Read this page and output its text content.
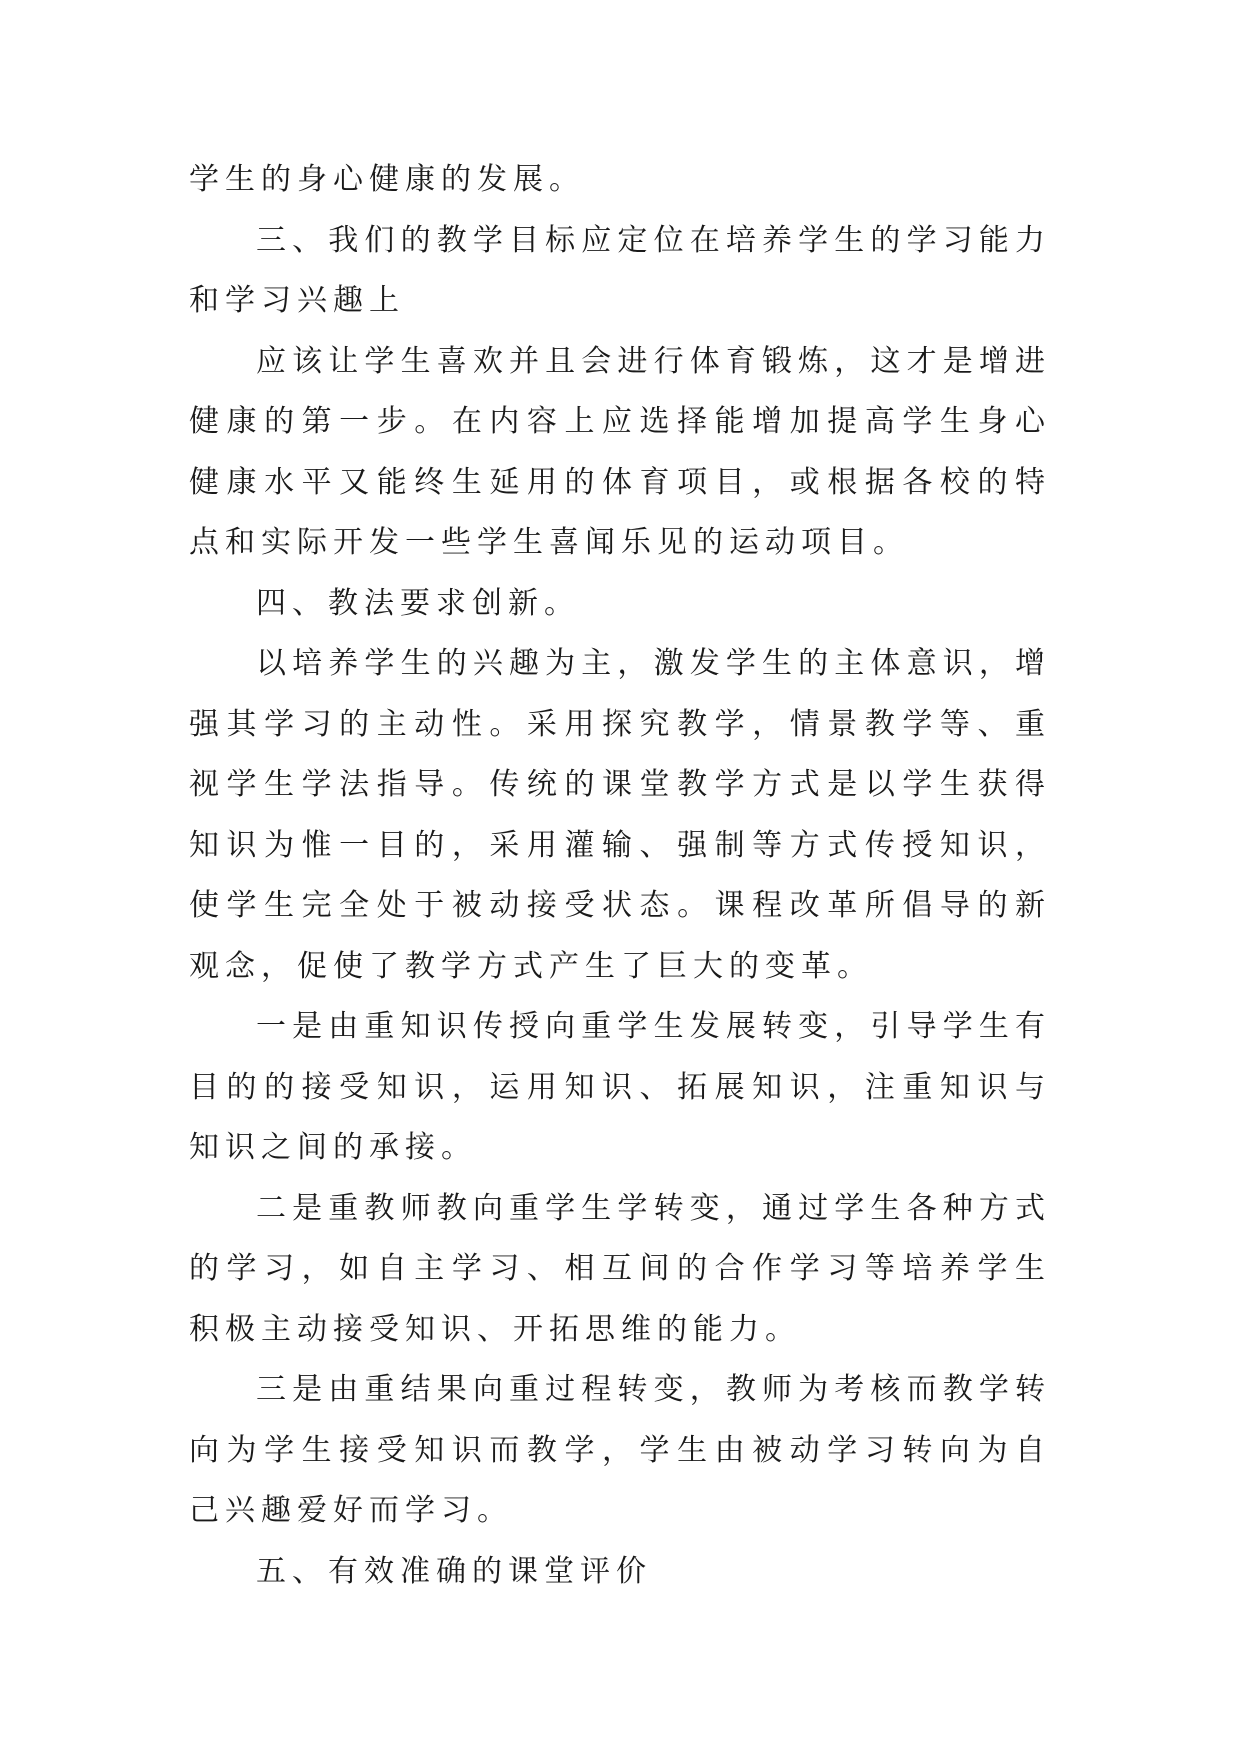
学生的身心健康的发展。

三、我们的教学目标应定位在培养学生的学习能力和学习兴趣上

应该让学生喜欢并且会进行体育锻炼，这才是增进健康的第一步。在内容上应选择能增加提高学生身心健康水平又能终生延用的体育项目，或根据各校的特点和实际开发一些学生喜闻乐见的运动项目。

四、教法要求创新。

以培养学生的兴趣为主，激发学生的主体意识，增强其学习的主动性。采用探究教学，情景教学等、重视学生学法指导。传统的课堂教学方式是以学生获得知识为惟一目的，采用灌输、强制等方式传授知识，使学生完全处于被动接受状态。课程改革所倡导的新观念，促使了教学方式产生了巨大的变革。

一是由重知识传授向重学生发展转变，引导学生有目的的接受知识，运用知识、拓展知识，注重知识与知识之间的承接。

二是重教师教向重学生学转变，通过学生各种方式的学习，如自主学习、相互间的合作学习等培养学生积极主动接受知识、开拓思维的能力。

三是由重结果向重过程转变，教师为考核而教学转向为学生接受知识而教学，学生由被动学习转向为自己兴趣爱好而学习。

五、有效准确的课堂评价
